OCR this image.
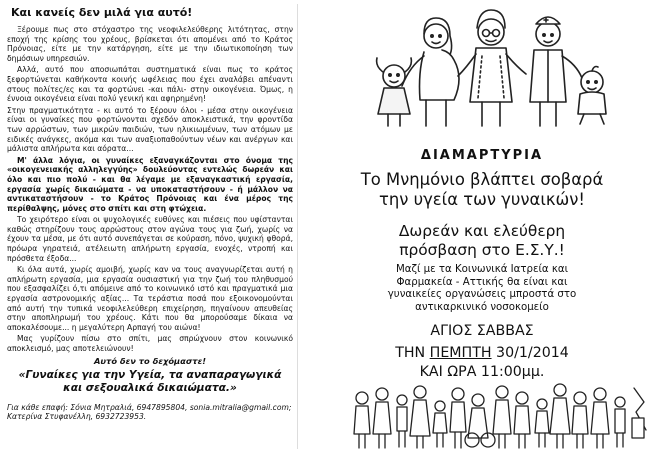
Και κανείς δεν μιλά για αυτό!

Ξέρουμε πως στο στόχαστρο της νεοφιλελεύθερης λιτότητας, στην εποχή της κρίσης του χρέους, βρίσκεται ότι απομένει από το Κράτος Πρόνοιας, είτε με την κατάργηση, είτε με την ιδιωτικοποίηση των δημόσιων υπηρεσιών.

Αλλά, αυτό που αποσιωπάται συστηματικά είναι πως το κράτος ξεφορτώνεται καθήκοντα κοινής ωφέλειας που έχει αναλάβει απέναντι στους πολίτες/ες και τα φορτώνει -και πάλι- στην οικογένεια. Όμως, η έννοια οικογένεια είναι πολύ γενική και αφηρημένη!

Στην πραγματικότητα - κι αυτό το ξέρουν όλοι - μέσα στην οικογένεια είναι οι γυναίκες που φορτώνονται σχεδόν αποκλειστικά, την φροντίδα των αρρώστων, των μικρών παιδιών, των ηλικιωμένων, των ατόμων με ειδικές ανάγκες, ακόμα και των αναξιοπαθούντων νέων και ανέργων και μάλιστα απλήρωτα και αόρατα...

Μ' άλλα λόγια, οι γυναίκες εξαναγκάζονται στο όνομα της «οικογενειακής αλληλεγγύης» δουλεύοντας εντελώς δωρεάν και όλο και πιο πολύ - και θα λέγαμε με εξαναγκαστική εργασία, εργασία χωρίς δικαιώματα - να υποκαταστήσουν - ή μάλλον να αντικαταστήσουν - το Κράτος Πρόνοιας και ένα μέρος της περίθαλψης, μόνες στο σπίτι και στη φτώχεια.

Το χειρότερο είναι οι ψυχολογικές ευθύνες και πιέσεις που υφίστανται καθώς στηρίζουν τους αρρώστους στον αγώνα τους για ζωή, χωρίς να έχουν τα μέσα, με ότι αυτό συνεπάγεται σε κούραση, πόνο, ψυχική φθορά, πρόωρα γηρατειά, ατέλειωτη απλήρωτη εργασία, ενοχές, ντροπή και πρόσθετα έξοδα...

Κι όλα αυτά, χωρίς αμοιβή, χωρίς καν να τους αναγνωρίζεται αυτή η απλήρωτη εργασία, μια εργασία ουσιαστική για την ζωή του πληθυσμού που εξασφαλίζει ό,τι απόμεινε από το κοινωνικό ιστό και πραγματικά μια εργασία αστρονομικής αξίας... Τα τεράστια ποσά που εξοικονομούνται από αυτή την τυπικά νεοφιλελεύθερη επιχείρηση, πηγαίνουν απευθείας στην αποπληρωμή του χρέους. Κάτι που θα μπορούσαμε δίκαια να αποκαλέσουμε... η μεγαλύτερη Αρπαγή του αιώνα!

Μας γυρίζουν πίσω στο σπίτι, μας σπρώχνουν στον κοινωνικό αποκλεισμό, μας αποτελειώνουν!

Αυτό δεν το δεχόμαστε!
«Γυναίκες για την Υγεία, τα αναπαραγωγικά και σεξουαλικά δικαιώματα.»
Για κάθε επαφή: Σόνια Μητραλιά, 6947895804, sonia.mitralia@gmail.com; Κατερίνα Στυφανέλλη, 6932723953.
ΔΙΑΜΑΡΤΥΡΙΑ
Το Μνημόνιο βλάπτει σοβαρά
την υγεία των γυναικών!
Δωρεάν και ελεύθερη
πρόσβαση στο Ε.Σ.Υ.!
Μαζί με τα Κοινωνικά Ιατρεία και
Φαρμακεία - Αττικής θα είναι και
γυναικείες οργανώσεις μπροστά στο
αντικαρκινικό νοσοκομείο
ΑΓΙΟΣ ΣΑΒΒΑΣ
ΤΗΝ ΠΕΜΠΤΗ 30/1/2014
ΚΑΙ ΩΡΑ 11:00μμ.
